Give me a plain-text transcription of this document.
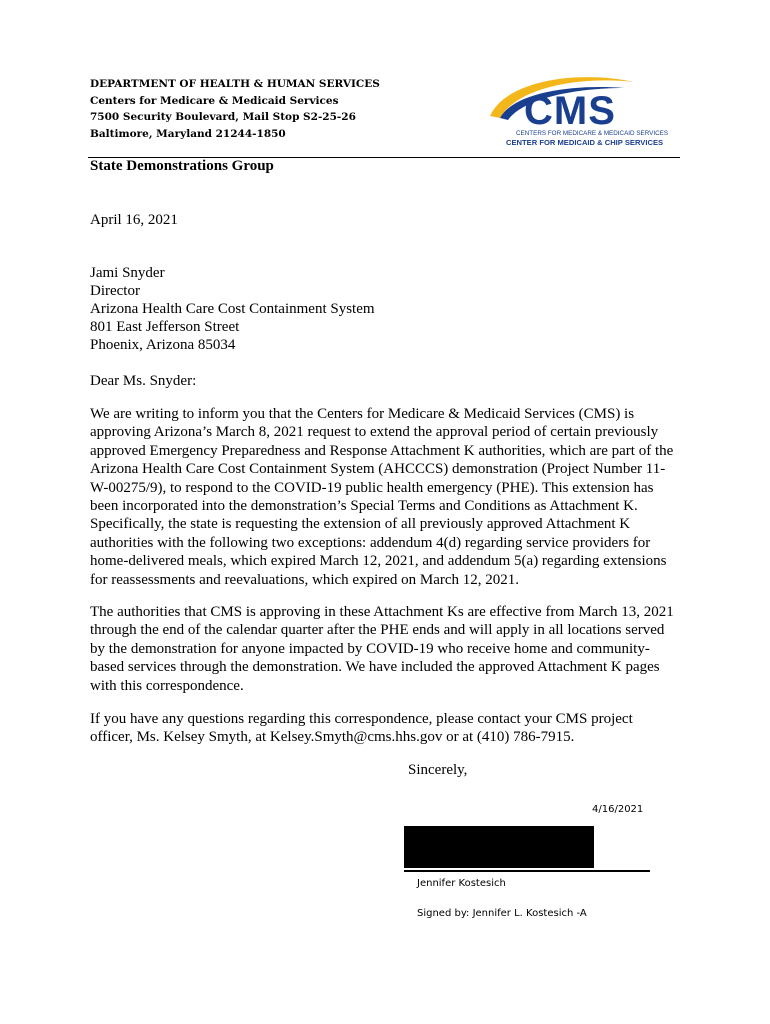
DEPARTMENT OF HEALTH & HUMAN SERVICES
Centers for Medicare & Medicaid Services
7500 Security Boulevard, Mail Stop S2-25-26
Baltimore, Maryland 21244-1850
CMS
CENTERS FOR MEDICARE & MEDICAID SERVICES
CENTER FOR MEDICAID & CHIP SERVICES
State Demonstrations Group
April 16, 2021
Jami Snyder
Director
Arizona Health Care Cost Containment System
801 East Jefferson Street
Phoenix, Arizona 85034
Dear Ms. Snyder:
We are writing to inform you that the Centers for Medicare & Medicaid Services (CMS) is
approving Arizona’s March 8, 2021 request to extend the approval period of certain previously
approved Emergency Preparedness and Response Attachment K authorities, which are part of the
Arizona Health Care Cost Containment System (AHCCCS) demonstration (Project Number 11-
W-00275/9), to respond to the COVID-19 public health emergency (PHE). This extension has
been incorporated into the demonstration’s Special Terms and Conditions as Attachment K.
Specifically, the state is requesting the extension of all previously approved Attachment K
authorities with the following two exceptions: addendum 4(d) regarding service providers for
home-delivered meals, which expired March 12, 2021, and addendum 5(a) regarding extensions
for reassessments and reevaluations, which expired on March 12, 2021.
The authorities that CMS is approving in these Attachment Ks are effective from March 13, 2021
through the end of the calendar quarter after the PHE ends and will apply in all locations served
by the demonstration for anyone impacted by COVID-19 who receive home and community-
based services through the demonstration. We have included the approved Attachment K pages
with this correspondence.
If you have any questions regarding this correspondence, please contact your CMS project
officer, Ms. Kelsey Smyth, at Kelsey.Smyth@cms.hhs.gov or at (410) 786-7915.
Sincerely,
4/16/2021
Jennifer Kostesich
Signed by: Jennifer L. Kostesich -A
